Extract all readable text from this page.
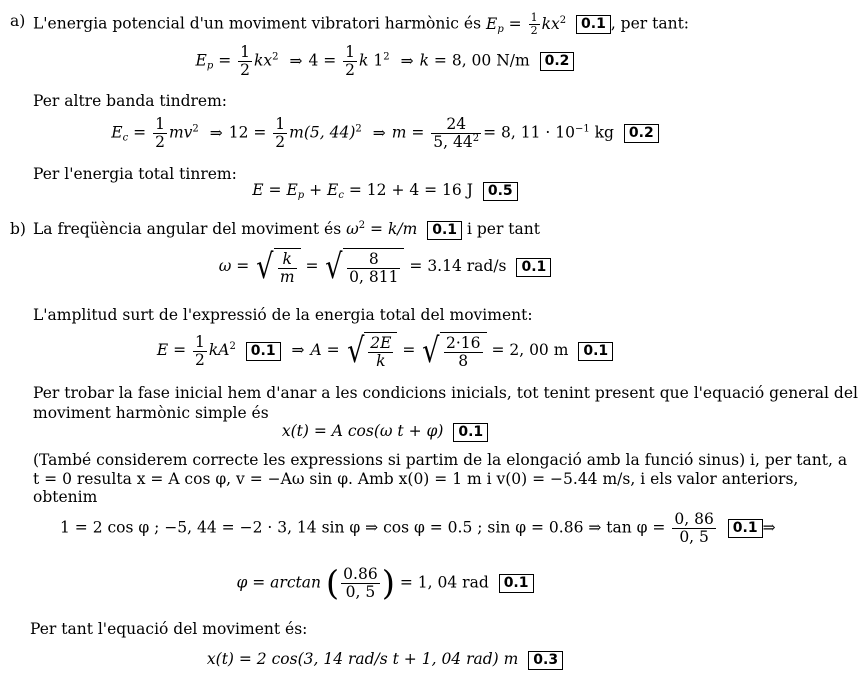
a) L'energia potencial d'un moviment vibratori harmònic és $E_p = \frac{1}{2} kx^2$ 0.1 , per tant:
$E_p = \frac{1}{2} kx^2$ ⇒ $4 = \frac{1}{2}$ k $1^2$ ⇒ k = 8, 00 N/m 0.2
Per altre banda tindrem:
$E_c = \frac{1}{2} mv^2$ ⇒ $12 = \frac{1}{2} m(5$, 44)$^2$ ⇒ $m = \frac{24}{5, 44^2} = 8$, $11 \cdot 10^{-1}$ kg 0.2
Per l'energia total tinrem:
$E = E_p + E_c = 12 + 4 = 16$ J 0.5
b) La freqüència angular del moviment és $\omega^2 = k/m$ 0.1 i per tant
ω = √ $\frac{k}{m}$ = √ $\frac{8}{0, 811} = 3.14$ rad/s 0.1
L'amplitud surt de l'expressió de la energia total del moviment:
$E = \frac{1}{2} kA^2$ 0.1 ⇒ A = √ $\frac{2E}{k}$ = √ $\frac{2\cdot 16}{8} = 2$, 00 m 0.1
Per trobar la fase inicial hem d'anar a les condicions inicials, tot tenint present que l'equació general del
moviment harmònic simple és
x(t) = A cos(ω t + φ) 0.1
(També considerem correcte les expressions si partim de la elongació amb la funció sinus) i, per tant, a
t = 0 resulta x = A cos φ, v = −Aω sin φ. Amb x(0) = 1 m i v(0) = −5.44 m/s, i els valor anteriors,
obtenim
1 = 2 cos φ ; −5, 44 = −2 · 3, 14 sin φ ⇒ cos φ = 0.5 ; sin φ = 0.86 ⇒ $\tan \varphi = \frac{0, 86}{0, 5} 0.1$ ⇒
φ = arctan ( $\frac{0.86}{0, 5}$ ) = 1, 04 rad 0.1
Per tant l'equació del moviment és:
x(t) = 2 cos(3, 14 rad/s t + 1, 04 rad) m 0.3
